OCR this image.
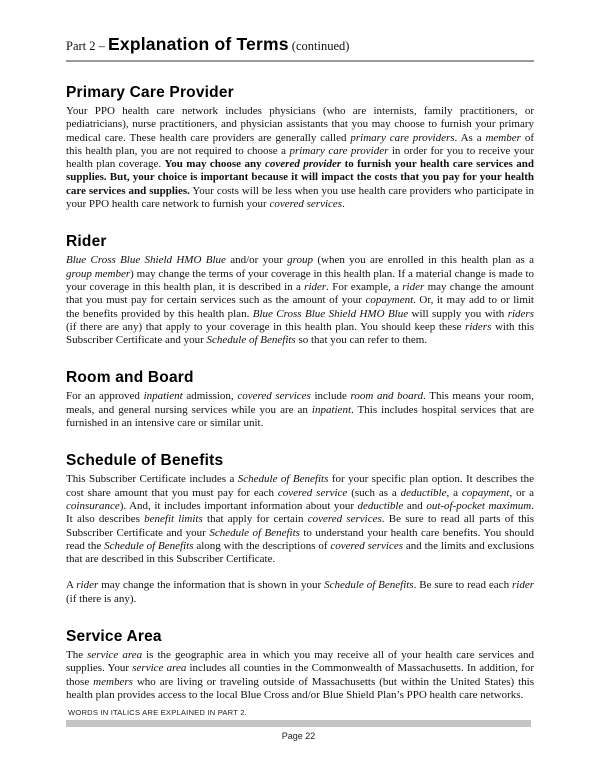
Part 2 – Explanation of Terms (continued)
Primary Care Provider
Your PPO health care network includes physicians (who are internists, family practitioners, or pediatricians), nurse practitioners, and physician assistants that you may choose to furnish your primary medical care. These health care providers are generally called primary care providers. As a member of this health plan, you are not required to choose a primary care provider in order for you to receive your health plan coverage. You may choose any covered provider to furnish your health care services and supplies. But, your choice is important because it will impact the costs that you pay for your health care services and supplies. Your costs will be less when you use health care providers who participate in your PPO health care network to furnish your covered services.
Rider
Blue Cross Blue Shield HMO Blue and/or your group (when you are enrolled in this health plan as a group member) may change the terms of your coverage in this health plan. If a material change is made to your coverage in this health plan, it is described in a rider. For example, a rider may change the amount that you must pay for certain services such as the amount of your copayment. Or, it may add to or limit the benefits provided by this health plan. Blue Cross Blue Shield HMO Blue will supply you with riders (if there are any) that apply to your coverage in this health plan. You should keep these riders with this Subscriber Certificate and your Schedule of Benefits so that you can refer to them.
Room and Board
For an approved inpatient admission, covered services include room and board. This means your room, meals, and general nursing services while you are an inpatient. This includes hospital services that are furnished in an intensive care or similar unit.
Schedule of Benefits
This Subscriber Certificate includes a Schedule of Benefits for your specific plan option. It describes the cost share amount that you must pay for each covered service (such as a deductible, a copayment, or a coinsurance). And, it includes important information about your deductible and out-of-pocket maximum. It also describes benefit limits that apply for certain covered services. Be sure to read all parts of this Subscriber Certificate and your Schedule of Benefits to understand your health care benefits. You should read the Schedule of Benefits along with the descriptions of covered services and the limits and exclusions that are described in this Subscriber Certificate.
A rider may change the information that is shown in your Schedule of Benefits. Be sure to read each rider (if there is any).
Service Area
The service area is the geographic area in which you may receive all of your health care services and supplies. Your service area includes all counties in the Commonwealth of Massachusetts. In addition, for those members who are living or traveling outside of Massachusetts (but within the United States) this health plan provides access to the local Blue Cross and/or Blue Shield Plan’s PPO health care networks.
WORDS IN ITALICS ARE EXPLAINED IN PART 2.
Page 22
